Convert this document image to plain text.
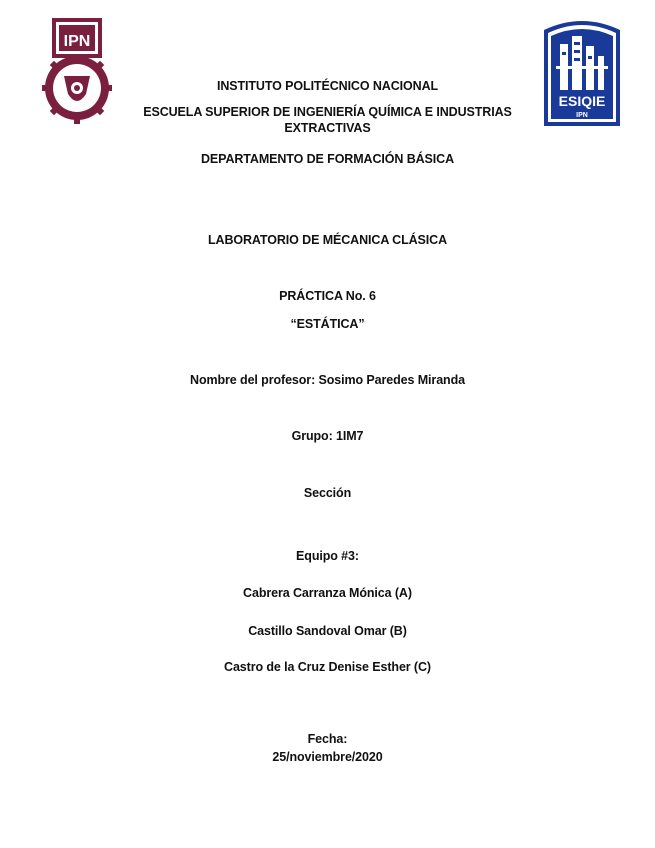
IPN
ESIQIE
IPN
INSTITUTO POLITÉCNICO NACIONAL
ESCUELA SUPERIOR DE INGENIERÍA QUÍMICA E INDUSTRIAS EXTRACTIVAS
DEPARTAMENTO DE FORMACIÓN BÁSICA
LABORATORIO DE MÉCANICA CLÁSICA
PRÁCTICA No. 6
“ESTÁTICA”
Nombre del profesor: Sosimo Paredes Miranda
Grupo: 1IM7
Sección
Equipo #3:
Cabrera Carranza Mónica (A)
Castillo Sandoval Omar (B)
Castro de la Cruz Denise Esther (C)
Fecha:
25/noviembre/2020
